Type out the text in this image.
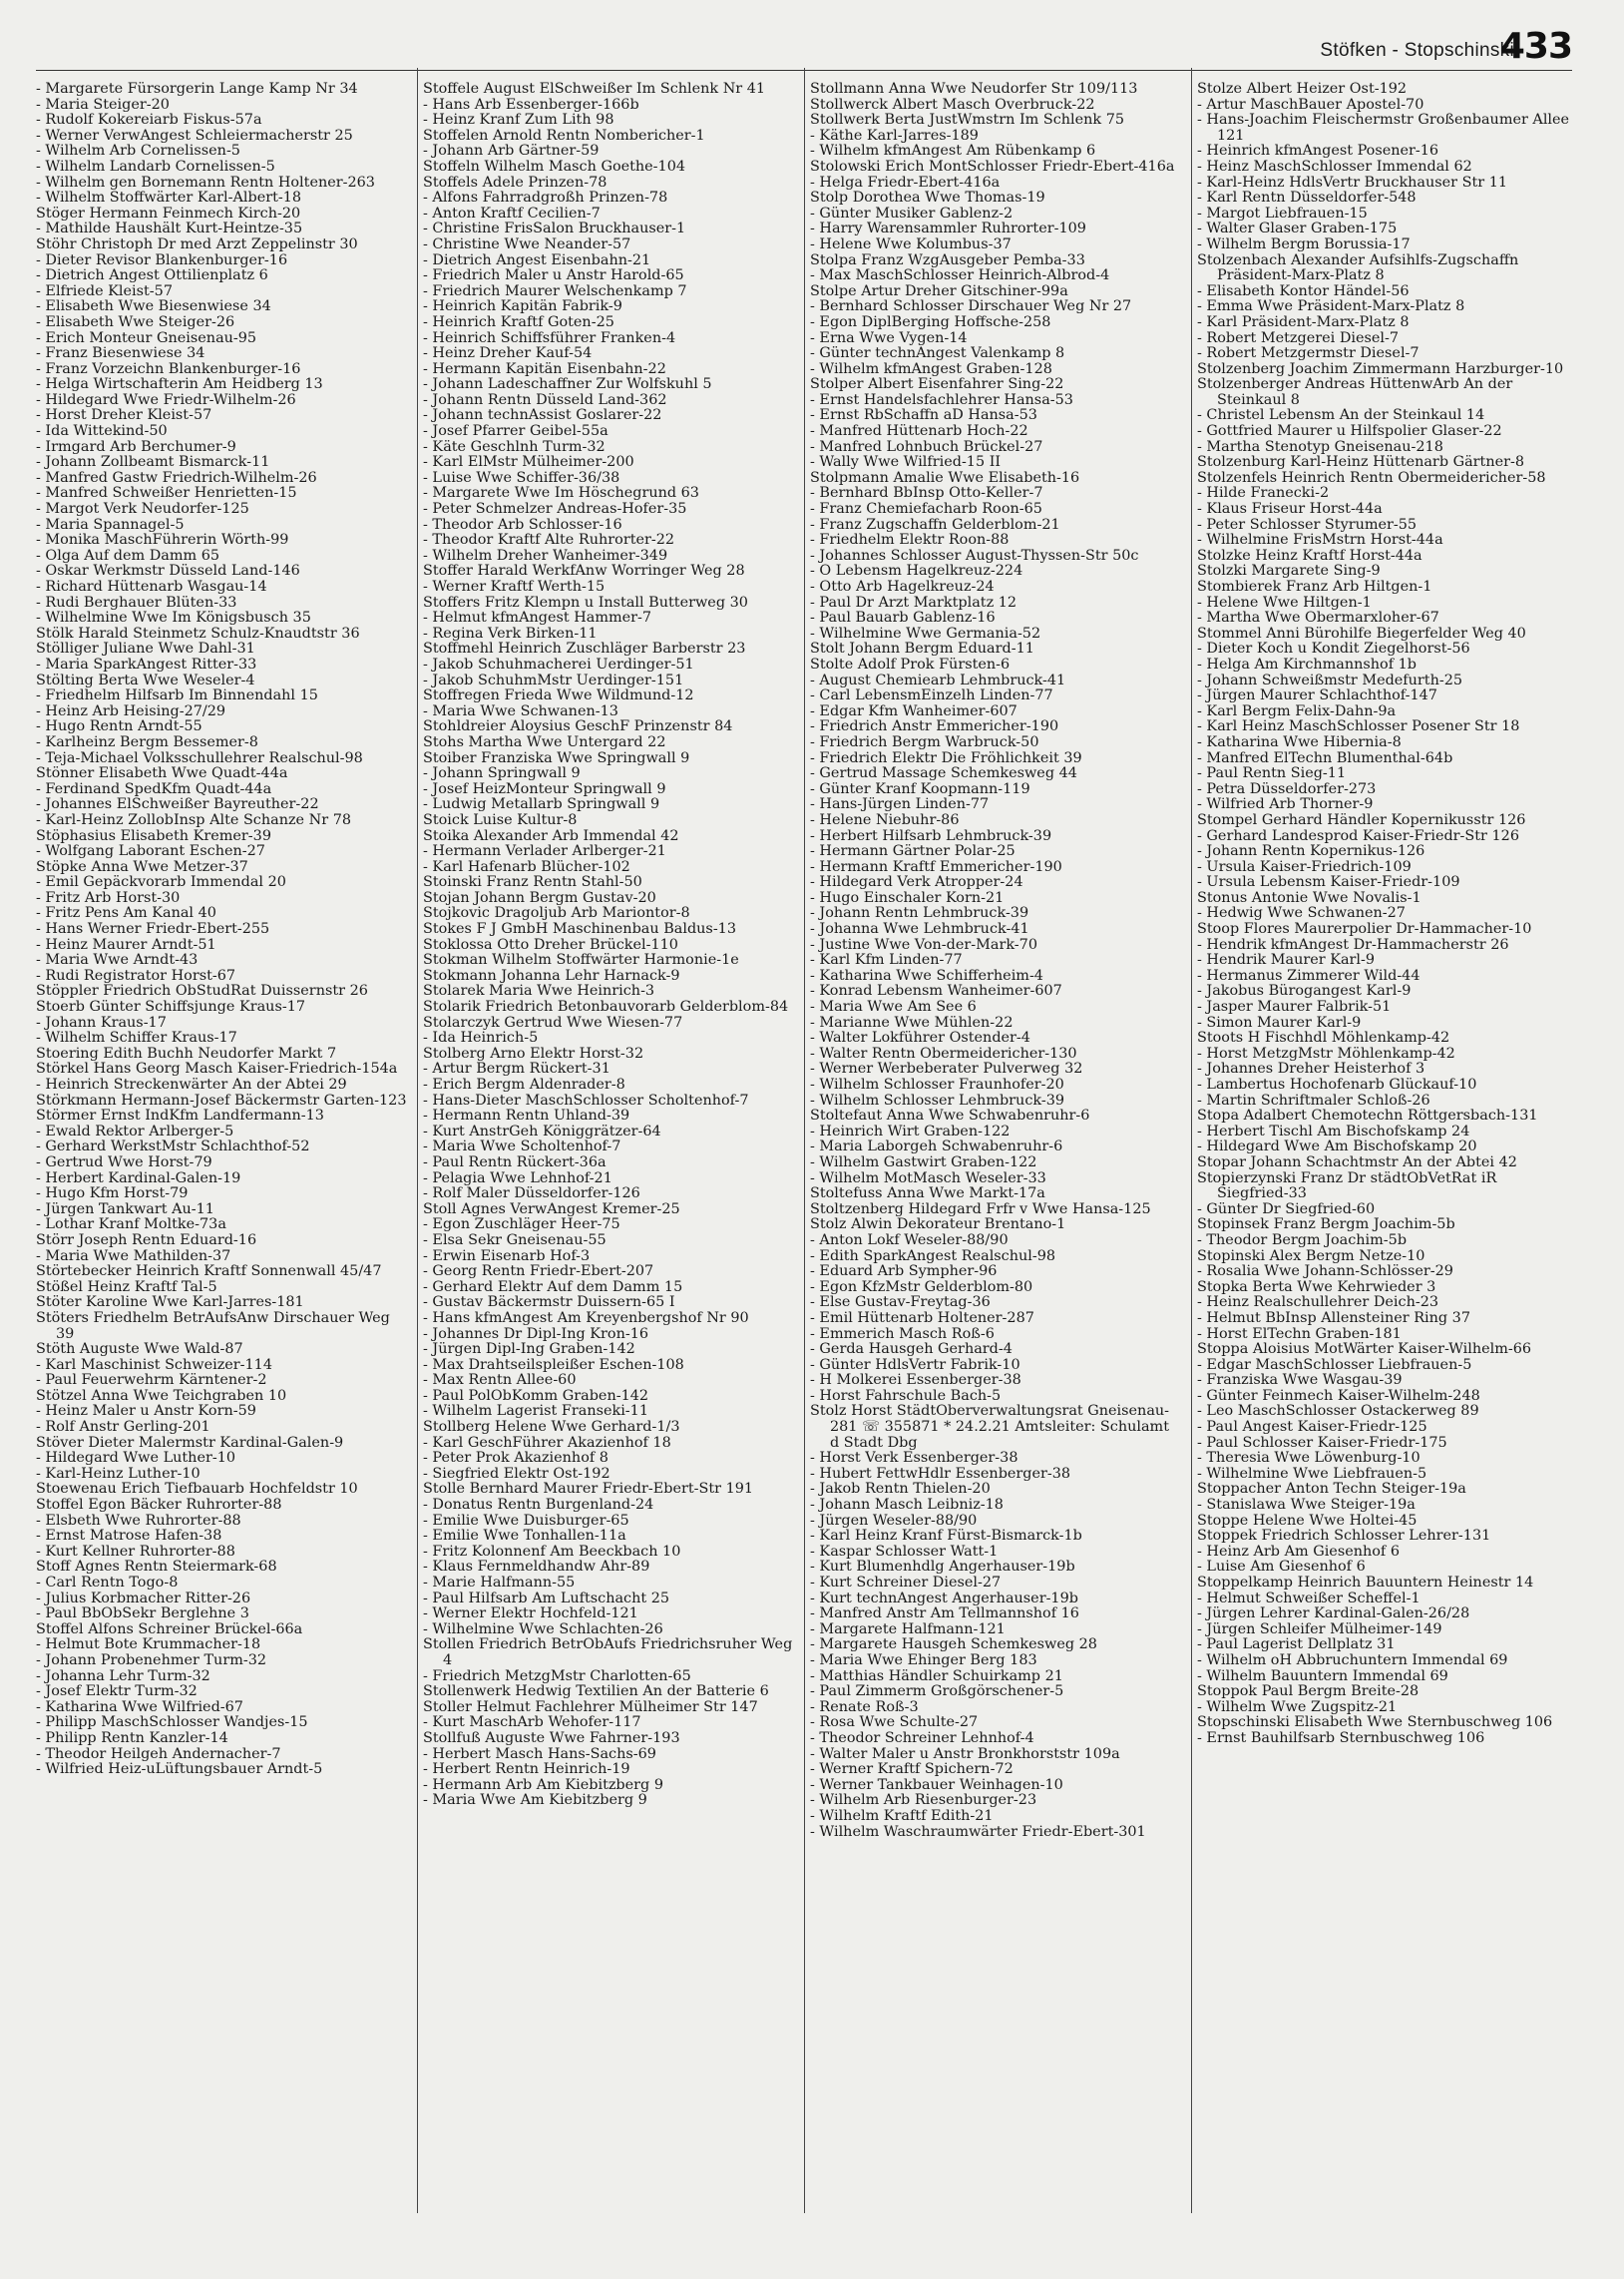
Stöfken - Stopschinski
433
- Margarete Fürsorgerin Lange Kamp Nr 34
- Maria Steiger-20
- Rudolf Kokereiarb Fiskus-57a
- Werner VerwAngest Schleiermacherstr 25
- Wilhelm Arb Cornelissen-5
- Wilhelm Landarb Cornelissen-5
- Wilhelm gen Bornemann Rentn Holtener-263
- Wilhelm Stoffwärter Karl-Albert-18
Stöger Hermann Feinmech Kirch-20
- Mathilde Haushält Kurt-Heintze-35
Stöhr Christoph Dr med Arzt Zeppelinstr 30
- Dieter Revisor Blankenburger-16
- Dietrich Angest Ottilienplatz 6
- Elfriede Kleist-57
- Elisabeth Wwe Biesenwiese 34
- Elisabeth Wwe Steiger-26
- Erich Monteur Gneisenau-95
- Franz Biesenwiese 34
- Franz Vorzeichn Blankenburger-16
- Helga Wirtschafterin Am Heidberg 13
- Hildegard Wwe Friedr-Wilhelm-26
- Horst Dreher Kleist-57
- Ida Wittekind-50
- Irmgard Arb Berchumer-9
- Johann Zollbeamt Bismarck-11
- Manfred Gastw Friedrich-Wilhelm-26
- Manfred Schweißer Henrietten-15
- Margot Verk Neudorfer-125
- Maria Spannagel-5
- Monika MaschFührerin Wörth-99
- Olga Auf dem Damm 65
- Oskar Werkmstr Düsseld Land-146
- Richard Hüttenarb Wasgau-14
- Rudi Berghauer Blüten-33
- Wilhelmine Wwe Im Königsbusch 35
Stölk Harald Steinmetz Schulz-Knaudtstr 36
Stölliger Juliane Wwe Dahl-31
- Maria SparkAngest Ritter-33
Stölting Berta Wwe Weseler-4
- Friedhelm Hilfsarb Im Binnendahl 15
- Heinz Arb Heising-27/29
- Hugo Rentn Arndt-55
- Karlheinz Bergm Bessemer-8
- Teja-Michael Volksschullehrer Realschul-98
Stönner Elisabeth Wwe Quadt-44a
- Ferdinand SpedKfm Quadt-44a
- Johannes ElSchweißer Bayreuther-22
- Karl-Heinz ZollobInsp Alte Schanze Nr 78
Stöphasius Elisabeth Kremer-39
- Wolfgang Laborant Eschen-27
Stöpke Anna Wwe Metzer-37
- Emil Gepäckvorarb Immendal 20
- Fritz Arb Horst-30
- Fritz Pens Am Kanal 40
- Hans Werner Friedr-Ebert-255
- Heinz Maurer Arndt-51
- Maria Wwe Arndt-43
- Rudi Registrator Horst-67
Stöppler Friedrich ObStudRat Duissernstr 26
Stoerb Günter Schiffsjunge Kraus-17
- Johann Kraus-17
- Wilhelm Schiffer Kraus-17
Stoering Edith Buchh Neudorfer Markt 7
Störkel Hans Georg Masch Kaiser-Friedrich-154a
- Heinrich Streckenwärter An der Abtei 29
Störkmann Hermann-Josef Bäckermstr Garten-123
Störmer Ernst IndKfm Landfermann-13
- Ewald Rektor Arlberger-5
- Gerhard WerkstMstr Schlachthof-52
- Gertrud Wwe Horst-79
- Herbert Kardinal-Galen-19
- Hugo Kfm Horst-79
- Jürgen Tankwart Au-11
- Lothar Kranf Moltke-73a
Störr Joseph Rentn Eduard-16
- Maria Wwe Mathilden-37
Störtebecker Heinrich Kraftf Sonnenwall 45/47
Stößel Heinz Kraftf Tal-5
Stöter Karoline Wwe Karl-Jarres-181
Stöters Friedhelm BetrAufsAnw Dirschauer Weg 39
Stöth Auguste Wwe Wald-87
- Karl Maschinist Schweizer-114
- Paul Feuerwehrm Kärntener-2
Stötzel Anna Wwe Teichgraben 10
- Heinz Maler u Anstr Korn-59
- Rolf Anstr Gerling-201
Stöver Dieter Malermstr Kardinal-Galen-9
- Hildegard Wwe Luther-10
- Karl-Heinz Luther-10
Stoewenau Erich Tiefbauarb Hochfeldstr 10
Stoffel Egon Bäcker Ruhrorter-88
- Elsbeth Wwe Ruhrorter-88
- Ernst Matrose Hafen-38
- Kurt Kellner Ruhrorter-88
Stoff Agnes Rentn Steiermark-68
- Carl Rentn Togo-8
- Julius Korbmacher Ritter-26
- Paul BbObSekr Berglehne 3
Stoffel Alfons Schreiner Brückel-66a
- Helmut Bote Krummacher-18
- Johann Probenehmer Turm-32
- Johanna Lehr Turm-32
- Josef Elektr Turm-32
- Katharina Wwe Wilfried-67
- Philipp MaschSchlosser Wandjes-15
- Philipp Rentn Kanzler-14
- Theodor Heilgeh Andernacher-7
- Wilfried Heiz-uLüftungsbauer Arndt-5
Stoffele August ElSchweißer Im Schlenk Nr 41
- Hans Arb Essenberger-166b
- Heinz Kranf Zum Lith 98
Stoffelen Arnold Rentn Nombericher-1
- Johann Arb Gärtner-59
Stoffeln Wilhelm Masch Goethe-104
Stoffels Adele Prinzen-78
- Alfons Fahrradgroßh Prinzen-78
- Anton Kraftf Cecilien-7
- Christine FrisSalon Bruckhauser-1
- Christine Wwe Neander-57
- Dietrich Angest Eisenbahn-21
- Friedrich Maler u Anstr Harold-65
- Friedrich Maurer Welschenkamp 7
- Heinrich Kapitän Fabrik-9
- Heinrich Kraftf Goten-25
- Heinrich Schiffsführer Franken-4
- Heinz Dreher Kauf-54
- Hermann Kapitän Eisenbahn-22
- Johann Ladeschaffner Zur Wolfskuhl 5
- Johann Rentn Düsseld Land-362
- Johann technAssist Goslarer-22
- Josef Pfarrer Geibel-55a
- Käte Geschlnh Turm-32
- Karl ElMstr Mülheimer-200
- Luise Wwe Schiffer-36/38
- Margarete Wwe Im Höschegrund 63
- Peter Schmelzer Andreas-Hofer-35
- Theodor Arb Schlosser-16
- Theodor Kraftf Alte Ruhrorter-22
- Wilhelm Dreher Wanheimer-349
Stoffer Harald WerkfAnw Worringer Weg 28
- Werner Kraftf Werth-15
Stoffers Fritz Klempn u Install Butterweg 30
- Helmut kfmAngest Hammer-7
- Regina Verk Birken-11
Stoffmehl Heinrich Zuschläger Barberstr 23
- Jakob Schuhmacherei Uerdinger-51
- Jakob SchuhmMstr Uerdinger-151
Stoffregen Frieda Wwe Wildmund-12
- Maria Wwe Schwanen-13
Stohldreier Aloysius GeschF Prinzenstr 84
Stohs Martha Wwe Untergard 22
Stoiber Franziska Wwe Springwall 9
- Johann Springwall 9
- Josef HeizMonteur Springwall 9
- Ludwig Metallarb Springwall 9
Stoick Luise Kultur-8
Stoika Alexander Arb Immendal 42
- Hermann Verlader Arlberger-21
- Karl Hafenarb Blücher-102
Stoinski Franz Rentn Stahl-50
Stojan Johann Bergm Gustav-20
Stojkovic Dragoljub Arb Mariontor-8
Stokes F J GmbH Maschinenbau Baldus-13
Stoklossa Otto Dreher Brückel-110
Stokman Wilhelm Stoffwärter Harmonie-1e
Stokmann Johanna Lehr Harnack-9
Stolarek Maria Wwe Heinrich-3
Stolarik Friedrich Betonbauvorarb Gelderblom-84
Stolarczyk Gertrud Wwe Wiesen-77
- Ida Heinrich-5
Stolberg Arno Elektr Horst-32
- Artur Bergm Rückert-31
- Erich Bergm Aldenrader-8
- Hans-Dieter MaschSchlosser Scholtenhof-7
- Hermann Rentn Uhland-39
- Kurt AnstrGeh Königgrätzer-64
- Maria Wwe Scholtenhof-7
- Paul Rentn Rückert-36a
- Pelagia Wwe Lehnhof-21
- Rolf Maler Düsseldorfer-126
Stoll Agnes VerwAngest Kremer-25
- Egon Zuschläger Heer-75
- Elsa Sekr Gneisenau-55
- Erwin Eisenarb Hof-3
- Georg Rentn Friedr-Ebert-207
- Gerhard Elektr Auf dem Damm 15
- Gustav Bäckermstr Duissern-65 I
- Hans kfmAngest Am Kreyenbergshof Nr 90
- Johannes Dr Dipl-Ing Kron-16
- Jürgen Dipl-Ing Graben-142
- Max Drahtseilspleißer Eschen-108
- Max Rentn Allee-60
- Paul PolObKomm Graben-142
- Wilhelm Lagerist Franseki-11
Stollberg Helene Wwe Gerhard-1/3
- Karl GeschFührer Akazienhof 18
- Peter Prok Akazienhof 8
- Siegfried Elektr Ost-192
Stolle Bernhard Maurer Friedr-Ebert-Str 191
- Donatus Rentn Burgenland-24
- Emilie Wwe Duisburger-65
- Emilie Wwe Tonhallen-11a
- Fritz Kolonnenf Am Beeckbach 10
- Klaus Fernmeldhandw Ahr-89
- Marie Halfmann-55
- Paul Hilfsarb Am Luftschacht 25
- Werner Elektr Hochfeld-121
- Wilhelmine Wwe Schlachten-26
Stollen Friedrich BetrObAufs Friedrichsruher Weg 4
- Friedrich MetzgMstr Charlotten-65
Stollenwerk Hedwig Textilien An der Batterie 6
Stoller Helmut Fachlehrer Mülheimer Str 147
- Kurt MaschArb Wehofer-117
Stollfuß Auguste Wwe Fahrner-193
- Herbert Masch Hans-Sachs-69
- Herbert Rentn Heinrich-19
- Hermann Arb Am Kiebitzberg 9
- Maria Wwe Am Kiebitzberg 9
Stollmann Anna Wwe Neudorfer Str 109/113
Stollwerck Albert Masch Overbruck-22
Stollwerk Berta JustWmstrn Im Schlenk 75
- Käthe Karl-Jarres-189
- Wilhelm kfmAngest Am Rübenkamp 6
Stolowski Erich MontSchlosser Friedr-Ebert-416a
- Helga Friedr-Ebert-416a
Stolp Dorothea Wwe Thomas-19
- Günter Musiker Gablenz-2
- Harry Warensammler Ruhrorter-109
- Helene Wwe Kolumbus-37
Stolpa Franz WzgAusgeber Pemba-33
- Max MaschSchlosser Heinrich-Albrod-4
Stolpe Artur Dreher Gitschiner-99a
- Bernhard Schlosser Dirschauer Weg Nr 27
- Egon DiplBerging Hoffsche-258
- Erna Wwe Vygen-14
- Günter technAngest Valenkamp 8
- Wilhelm kfmAngest Graben-128
Stolper Albert Eisenfahrer Sing-22
- Ernst Handelsfachlehrer Hansa-53
- Ernst RbSchaffn aD Hansa-53
- Manfred Hüttenarb Hoch-22
- Manfred Lohnbuch Brückel-27
- Wally Wwe Wilfried-15 II
Stolpmann Amalie Wwe Elisabeth-16
- Bernhard BbInsp Otto-Keller-7
- Franz Chemiefacharb Roon-65
- Franz Zugschaffn Gelderblom-21
- Friedhelm Elektr Roon-88
- Johannes Schlosser August-Thyssen-Str 50c
- O Lebensm Hagelkreuz-224
- Otto Arb Hagelkreuz-24
- Paul Dr Arzt Marktplatz 12
- Paul Bauarb Gablenz-16
- Wilhelmine Wwe Germania-52
Stolt Johann Bergm Eduard-11
Stolte Adolf Prok Fürsten-6
- August Chemiearb Lehmbruck-41
- Carl LebensmEinzelh Linden-77
- Edgar Kfm Wanheimer-607
- Friedrich Anstr Emmericher-190
- Friedrich Bergm Warbruck-50
- Friedrich Elektr Die Fröhlichkeit 39
- Gertrud Massage Schemkesweg 44
- Günter Kranf Koopmann-119
- Hans-Jürgen Linden-77
- Helene Niebuhr-86
- Herbert Hilfsarb Lehmbruck-39
- Hermann Gärtner Polar-25
- Hermann Kraftf Emmericher-190
- Hildegard Verk Atropper-24
- Hugo Einschaler Korn-21
- Johann Rentn Lehmbruck-39
- Johanna Wwe Lehmbruck-41
- Justine Wwe Von-der-Mark-70
- Karl Kfm Linden-77
- Katharina Wwe Schifferheim-4
- Konrad Lebensm Wanheimer-607
- Maria Wwe Am See 6
- Marianne Wwe Mühlen-22
- Walter Lokführer Ostender-4
- Walter Rentn Obermeidericher-130
- Werner Werbeberater Pulverweg 32
- Wilhelm Schlosser Fraunhofer-20
- Wilhelm Schlosser Lehmbruck-39
Stoltefaut Anna Wwe Schwabenruhr-6
- Heinrich Wirt Graben-122
- Maria Laborgeh Schwabenruhr-6
- Wilhelm Gastwirt Graben-122
- Wilhelm MotMasch Weseler-33
Stoltefuss Anna Wwe Markt-17a
Stoltzenberg Hildegard Frfr v Wwe Hansa-125
Stolz Alwin Dekorateur Brentano-1
- Anton Lokf Weseler-88/90
- Edith SparkAngest Realschul-98
- Eduard Arb Sympher-96
- Egon KfzMstr Gelderblom-80
- Else Gustav-Freytag-36
- Emil Hüttenarb Holtener-287
- Emmerich Masch Roß-6
- Gerda Hausgeh Gerhard-4
- Günter HdlsVertr Fabrik-10
- H Molkerei Essenberger-38
- Horst Fahrschule Bach-5
Stolz Horst StädtOberverwaltungsrat Gneisenau-281 ☏ 355871 * 24.2.21 Amtsleiter: Schulamt d Stadt Dbg
- Horst Verk Essenberger-38
- Hubert FettwHdlr Essenberger-38
- Jakob Rentn Thielen-20
- Johann Masch Leibniz-18
- Jürgen Weseler-88/90
- Karl Heinz Kranf Fürst-Bismarck-1b
- Kaspar Schlosser Watt-1
- Kurt Blumenhdlg Angerhauser-19b
- Kurt Schreiner Diesel-27
- Kurt technAngest Angerhauser-19b
- Manfred Anstr Am Tellmannshof 16
- Margarete Halfmann-121
- Margarete Hausgeh Schemkesweg 28
- Maria Wwe Ehinger Berg 183
- Matthias Händler Schuirkamp 21
- Paul Zimmerm Großgörschener-5
- Renate Roß-3
- Rosa Wwe Schulte-27
- Theodor Schreiner Lehnhof-4
- Walter Maler u Anstr Bronkhorststr 109a
- Werner Kraftf Spichern-72
- Werner Tankbauer Weinhagen-10
- Wilhelm Arb Riesenburger-23
- Wilhelm Kraftf Edith-21
- Wilhelm Waschraumwärter Friedr-Ebert-301
Stolze Albert Heizer Ost-192
- Artur MaschBauer Apostel-70
- Hans-Joachim Fleischermstr Großenbaumer Allee 121
- Heinrich kfmAngest Posener-16
- Heinz MaschSchlosser Immendal 62
- Karl-Heinz HdlsVertr Bruckhauser Str 11
- Karl Rentn Düsseldorfer-548
- Margot Liebfrauen-15
- Walter Glaser Graben-175
- Wilhelm Bergm Borussia-17
Stolzenbach Alexander Aufsihlfs-Zugschaffn Präsident-Marx-Platz 8
- Elisabeth Kontor Händel-56
- Emma Wwe Präsident-Marx-Platz 8
- Karl Präsident-Marx-Platz 8
- Robert Metzgerei Diesel-7
- Robert Metzgermstr Diesel-7
Stolzenberg Joachim Zimmermann Harzburger-10
Stolzenberger Andreas HüttenwArb An der Steinkaul 8
- Christel Lebensm An der Steinkaul 14
- Gottfried Maurer u Hilfspolier Glaser-22
- Martha Stenotyp Gneisenau-218
Stolzenburg Karl-Heinz Hüttenarb Gärtner-8
Stolzenfels Heinrich Rentn Obermeidericher-58
- Hilde Franecki-2
- Klaus Friseur Horst-44a
- Peter Schlosser Styrumer-55
- Wilhelmine FrisMstrn Horst-44a
Stolzke Heinz Kraftf Horst-44a
Stolzki Margarete Sing-9
Stombierek Franz Arb Hiltgen-1
- Helene Wwe Hiltgen-1
- Martha Wwe Obermarxloher-67
Stommel Anni Bürohilfe Biegerfelder Weg 40
- Dieter Koch u Kondit Ziegelhorst-56
- Helga Am Kirchmannshof 1b
- Johann Schweißmstr Medefurth-25
- Jürgen Maurer Schlachthof-147
- Karl Bergm Felix-Dahn-9a
- Karl Heinz MaschSchlosser Posener Str 18
- Katharina Wwe Hibernia-8
- Manfred ElTechn Blumenthal-64b
- Paul Rentn Sieg-11
- Petra Düsseldorfer-273
- Wilfried Arb Thorner-9
Stompel Gerhard Händler Kopernikusstr 126
- Gerhard Landesprod Kaiser-Friedr-Str 126
- Johann Rentn Kopernikus-126
- Ursula Kaiser-Friedrich-109
- Ursula Lebensm Kaiser-Friedr-109
Stonus Antonie Wwe Novalis-1
- Hedwig Wwe Schwanen-27
Stoop Flores Maurerpolier Dr-Hammacher-10
- Hendrik kfmAngest Dr-Hammacherstr 26
- Hendrik Maurer Karl-9
- Hermanus Zimmerer Wild-44
- Jakobus Bürogangest Karl-9
- Jasper Maurer Falbrik-51
- Simon Maurer Karl-9
Stoots H Fischhdl Möhlenkamp-42
- Horst MetzgMstr Möhlenkamp-42
- Johannes Dreher Heisterhof 3
- Lambertus Hochofenarb Glückauf-10
- Martin Schriftmaler Schloß-26
Stopa Adalbert Chemotechn Röttgersbach-131
- Herbert Tischl Am Bischofskamp 24
- Hildegard Wwe Am Bischofskamp 20
Stopar Johann Schachtmstr An der Abtei 42
Stopierzynski Franz Dr städtObVetRat iR Siegfried-33
- Günter Dr Siegfried-60
Stopinsek Franz Bergm Joachim-5b
- Theodor Bergm Joachim-5b
Stopinski Alex Bergm Netze-10
- Rosalia Wwe Johann-Schlösser-29
Stopka Berta Wwe Kehrwieder 3
- Heinz Realschullehrer Deich-23
- Helmut BbInsp Allensteiner Ring 37
- Horst ElTechn Graben-181
Stoppa Aloisius MotWärter Kaiser-Wilhelm-66
- Edgar MaschSchlosser Liebfrauen-5
- Franziska Wwe Wasgau-39
- Günter Feinmech Kaiser-Wilhelm-248
- Leo MaschSchlosser Ostackerweg 89
- Paul Angest Kaiser-Friedr-125
- Paul Schlosser Kaiser-Friedr-175
- Theresia Wwe Löwenburg-10
- Wilhelmine Wwe Liebfrauen-5
Stoppacher Anton Techn Steiger-19a
- Stanislawa Wwe Steiger-19a
Stoppe Helene Wwe Holtei-45
Stoppek Friedrich Schlosser Lehrer-131
- Heinz Arb Am Giesenhof 6
- Luise Am Giesenhof 6
Stoppelkamp Heinrich Bauuntern Heinestr 14
- Helmut Schweißer Scheffel-1
- Jürgen Lehrer Kardinal-Galen-26/28
- Jürgen Schleifer Mülheimer-149
- Paul Lagerist Dellplatz 31
- Wilhelm oH Abbruchuntern Immendal 69
- Wilhelm Bauuntern Immendal 69
Stoppok Paul Bergm Breite-28
- Wilhelm Wwe Zugspitz-21
Stopschinski Elisabeth Wwe Sternbuschweg 106
- Ernst Bauhilfsarb Sternbuschweg 106
